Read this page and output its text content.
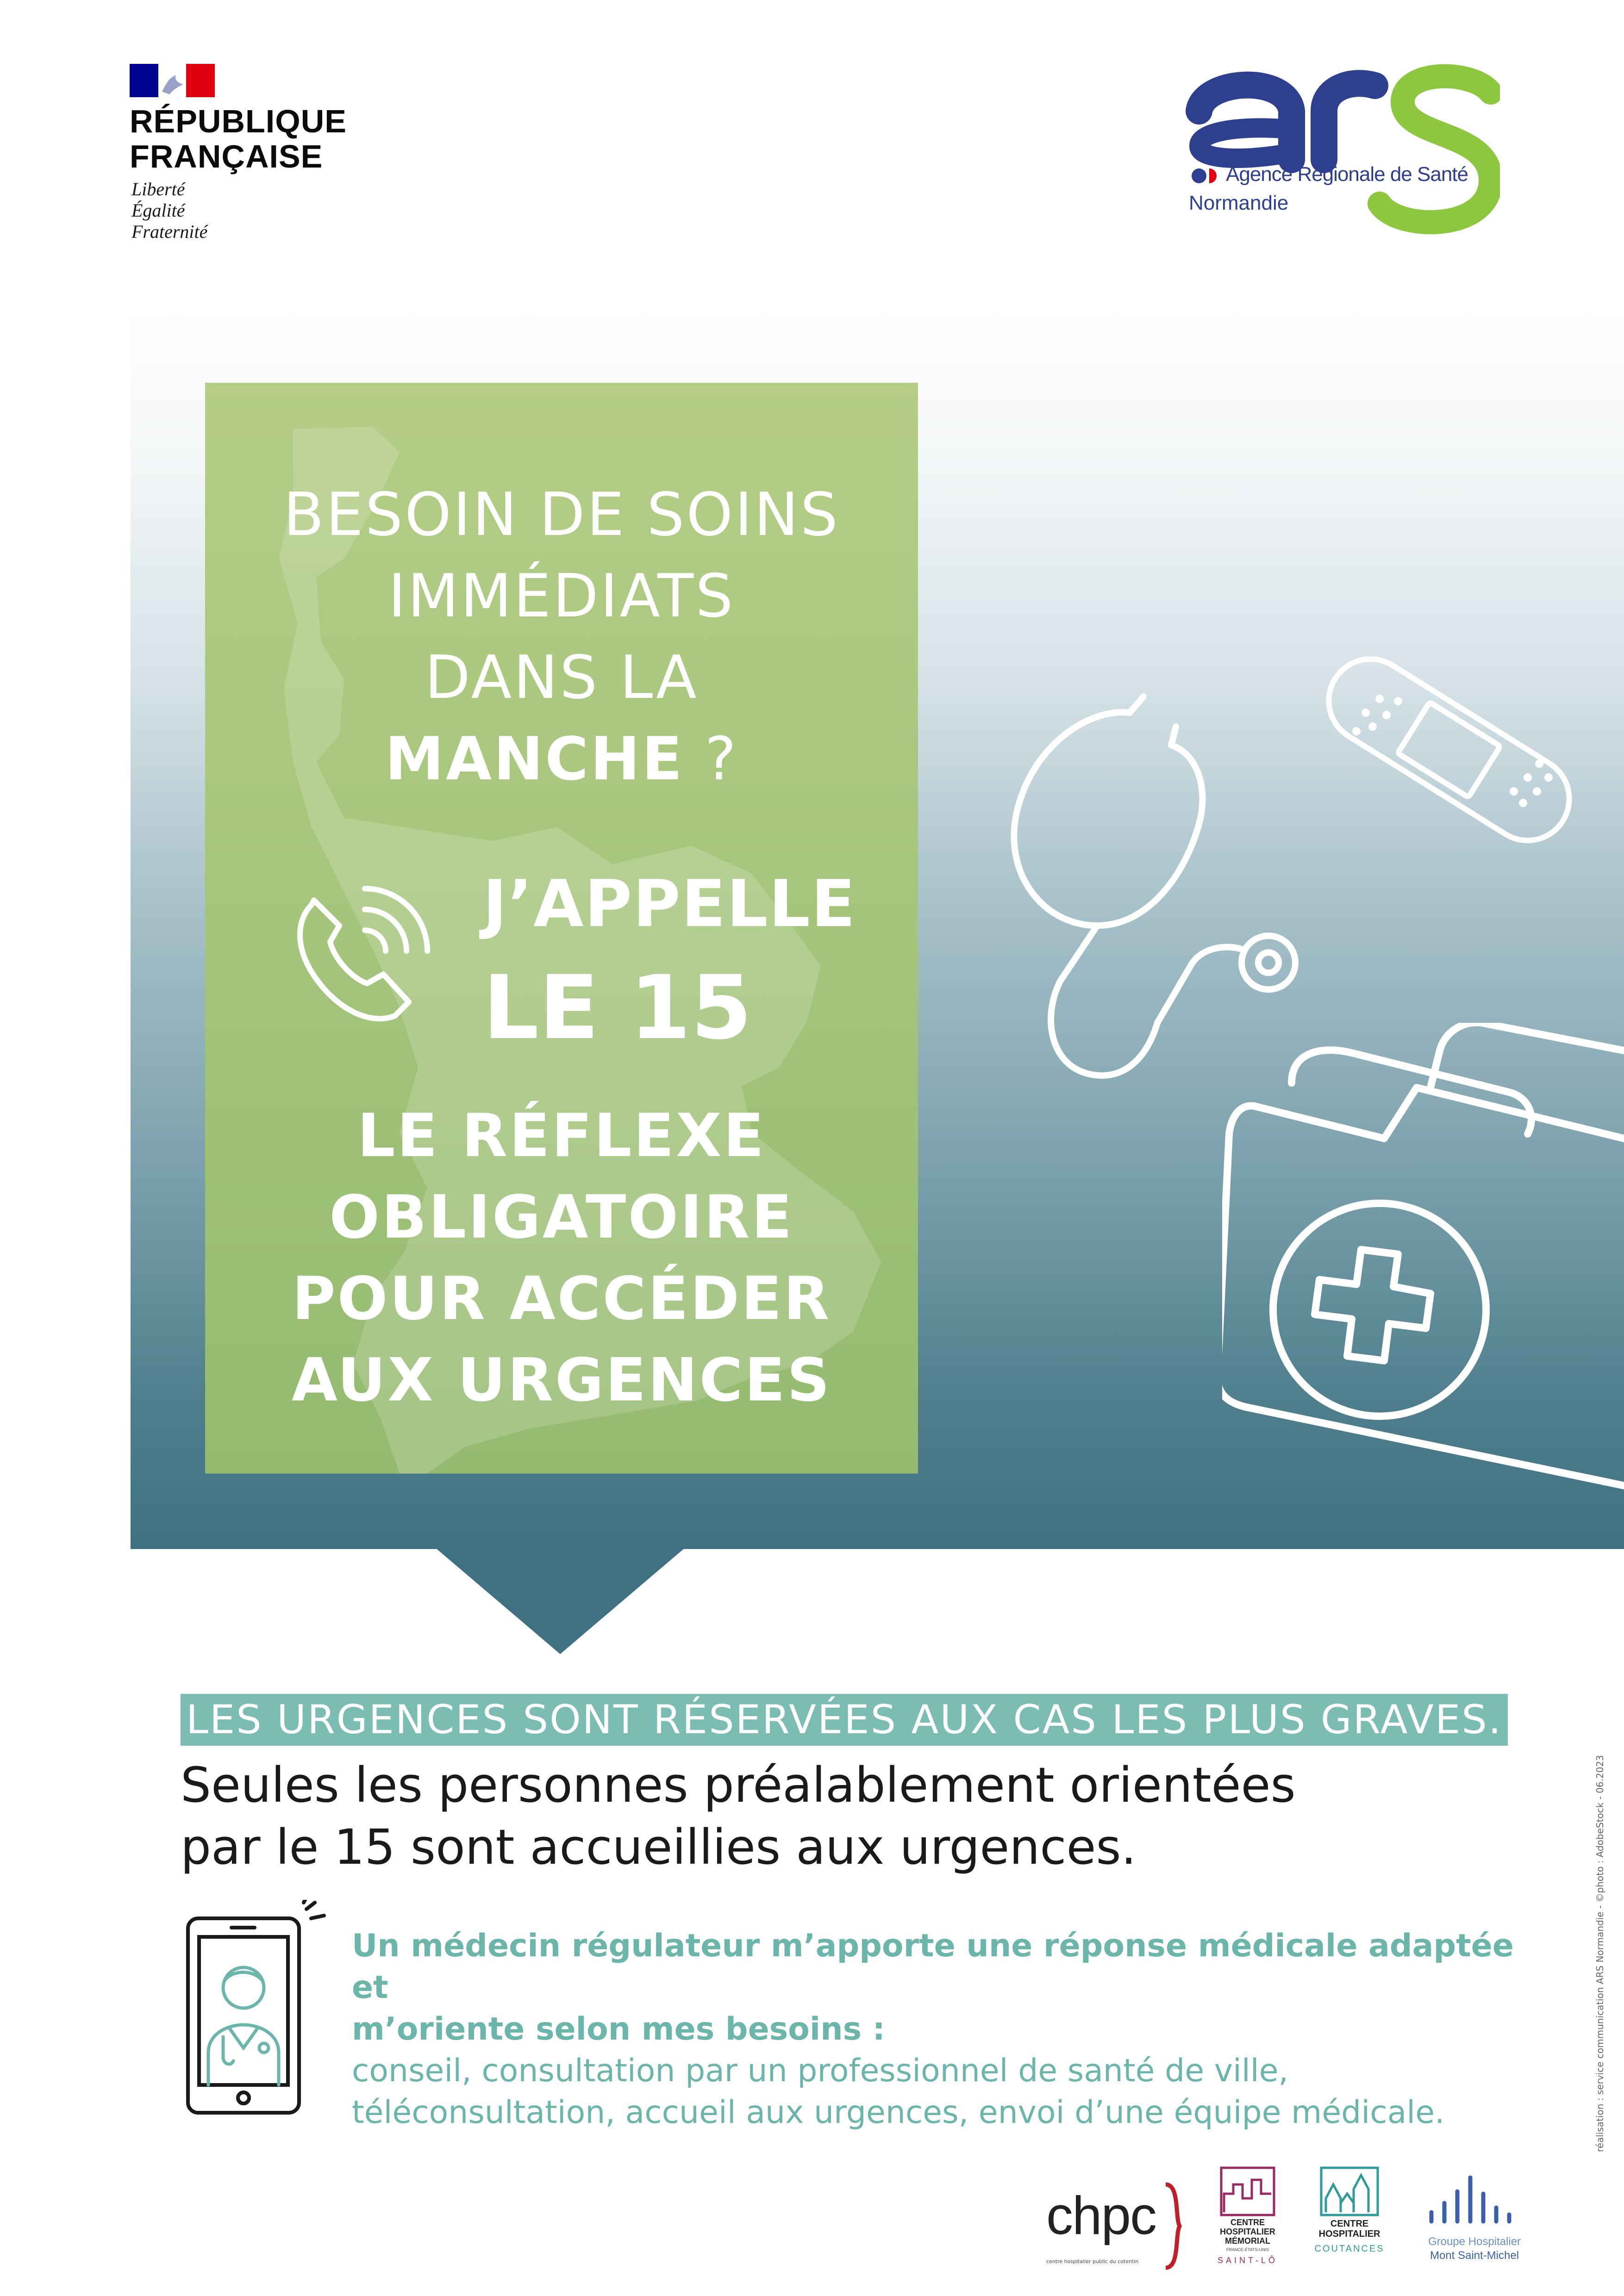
RÉPUBLIQUE
FRANÇAISE
Liberté
Égalité
Fraternité
Agence Régionale de Santé
Normandie
BESOIN DE SOINS
IMMÉDIATS
DANS LA
MANCHE ?
J’APPELLE
LE 15
LE RÉFLEXE
OBLIGATOIRE
POUR ACCÉDER
AUX URGENCES
LES URGENCES SONT RÉSERVÉES AUX CAS LES PLUS GRAVES.
Seules les personnes préalablement orientées
par le 15 sont accueillies aux urgences.
Un médecin régulateur m’apporte une réponse médicale adaptée et
m’oriente selon mes besoins :
conseil, consultation par un professionnel de santé de ville,
téléconsultation, accueil aux urgences, envoi d’une équipe médicale.	réalisation : service communication ARS Normandie - ©photo : AdobeStock - 06.2023
chpc
centre hospitalier public du cotentin
CENTRE
HOSPITALIER
MÉMORIAL
FRANCE-ÉTATS-UNIS
SAINT-LÔ
CENTRE
HOSPITALIER
COUTANCES
Groupe Hospitalier
Mont Saint-Michel
